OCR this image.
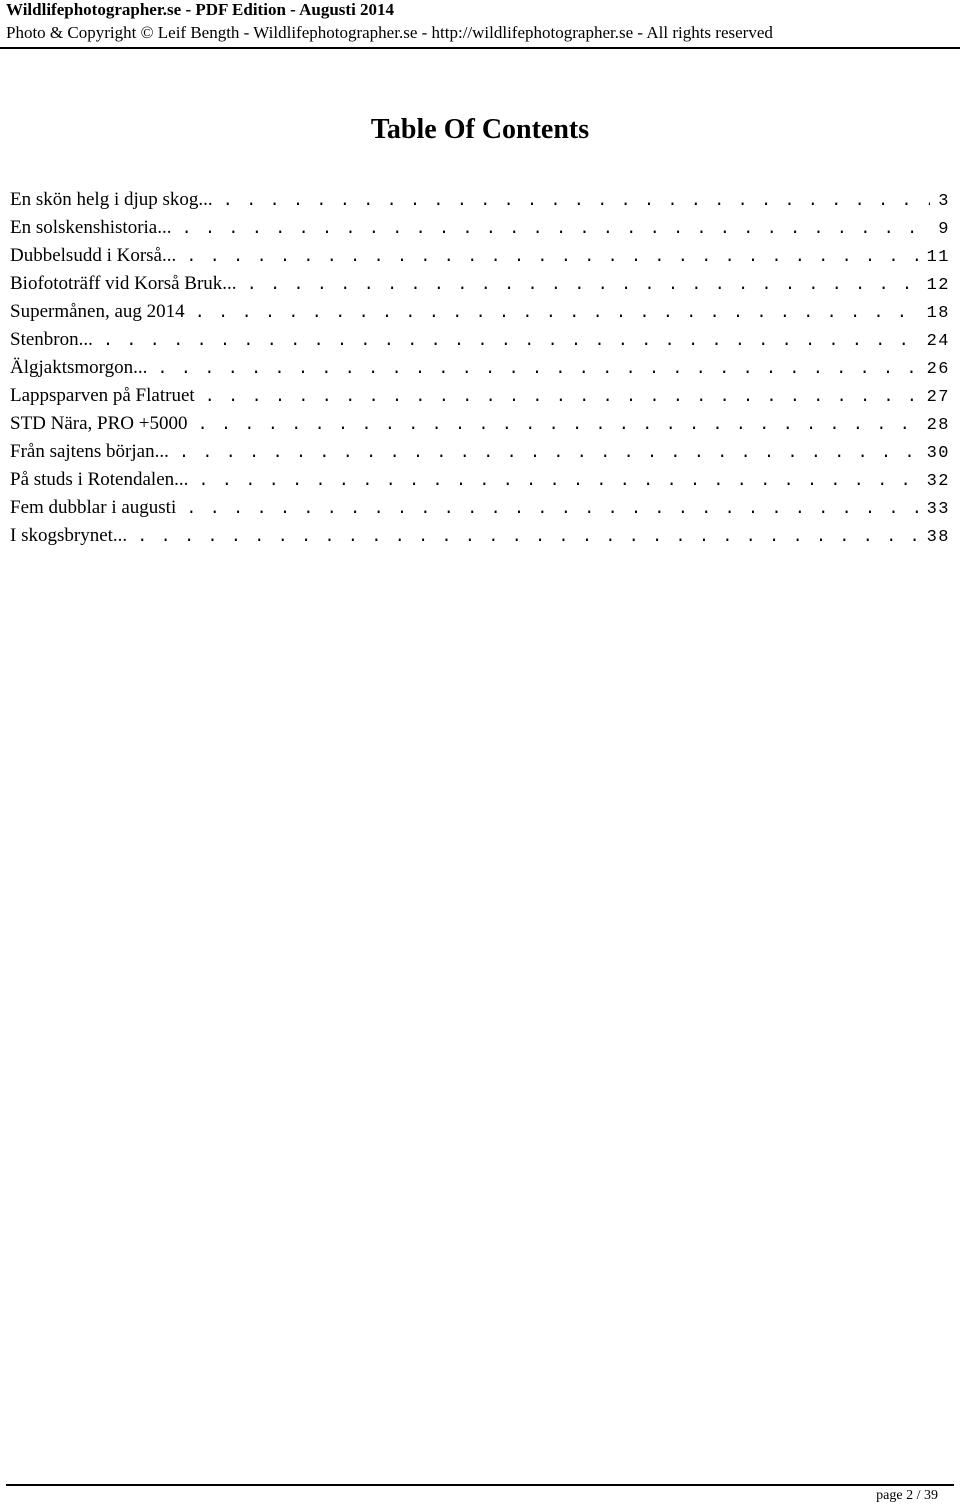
Wildlifephotographer.se - PDF Edition - Augusti 2014
Photo & Copyright © Leif Bength - Wildlifephotographer.se - http://wildlifephotographer.se - All rights reserved
Table Of Contents
En skön helg i djup skog... . . .	3
En solskenshistoria... . . .	9
Dubbelsudd i Korså... . . .	11
Biofototräff vid Korså Bruk... . . .	12
Supermånen, aug 2014 . . .	18
Stenbron... . . .	24
Älgjaktsmorgon... . . .	26
Lappsparven på Flatruet . . .	27
STD Nära, PRO +5000 . . .	28
Från sajtens början... . . .	30
På studs i Rotendalen... . . .	32
Fem dubblar i augusti . . .	33
I skogsbrynet... . . .	38
page 2 / 39
